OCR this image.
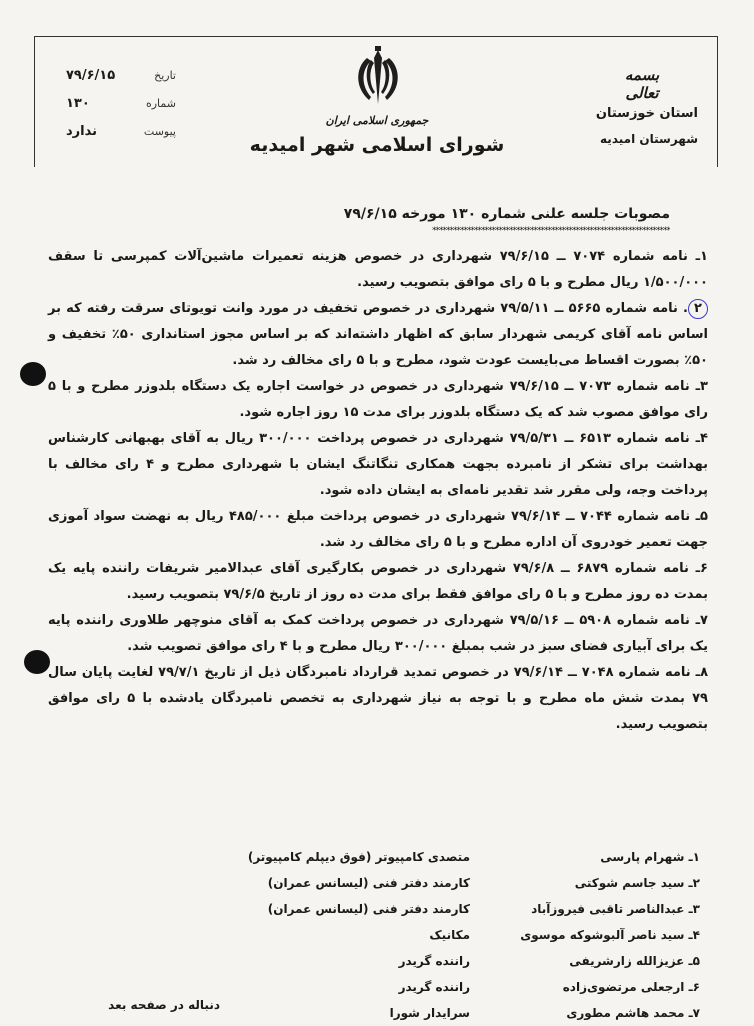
تاریخ
۷۹/۶/۱۵
شماره
۱۳۰
پیوست
ندارد
جمهوری اسلامی ایران
شورای اسلامی شهر امیدیه
بسمه تعالی
استان خوزستان
شهرستان امیدیه
مصوبات جلسه علنی شماره ۱۳۰ مورخه ۷۹/۶/۱۵
********************************************************************

۱ـ نامه شماره ۷۰۷۴ ــ ۷۹/۶/۱۵ شهرداری در خصوص هزینه تعمیرات ماشین‌آلات کمپرسی تا سقف ۱/۵۰۰/۰۰۰ ریال مطرح و با ۵ رای موافق بتصویب رسید.

۲. نامه شماره ۵۶۶۵ ــ ۷۹/۵/۱۱ شهرداری در خصوص تخفیف در مورد وانت تویوتای سرقت رفته که بر اساس نامه آقای کریمی شهردار سابق که اظهار داشته‌اند که بر اساس مجوز استانداری ۵۰٪ تخفیف و ۵۰٪ بصورت اقساط می‌بایست عودت شود، مطرح و با ۵ رای مخالف رد شد.

۳ـ نامه شماره ۷۰۷۳ ــ ۷۹/۶/۱۵ شهرداری در خصوص در خواست اجاره یک دستگاه بلدوزر مطرح و با ۵ رای موافق مصوب شد که یک دستگاه بلدوزر برای مدت ۱۵ روز اجاره شود.

۴ـ نامه شماره ۶۵۱۳ ــ ۷۹/۵/۳۱ شهرداری در خصوص پرداخت ۳۰۰/۰۰۰ ریال به آقای بهبهانی کارشناس بهداشت برای تشکر از نامبرده بجهت همکاری تنگاتنگ ایشان با شهرداری مطرح و ۴ رای مخالف با پرداخت وجه، ولی مقرر شد تقدیر نامه‌ای به ایشان داده شود.

۵ـ نامه شماره ۷۰۴۴ ــ ۷۹/۶/۱۴ شهرداری در خصوص پرداخت مبلغ ۴۸۵/۰۰۰ ریال به نهضت سواد آموزی جهت تعمیر خودروی آن اداره مطرح و با ۵ رای مخالف رد شد.

۶ـ نامه شماره ۶۸۷۹ ــ ۷۹/۶/۸ شهرداری در خصوص بکارگیری آقای عبدالامیر شریفات راننده پایه یک بمدت ده روز مطرح و با ۵ رای موافق فقط برای مدت ده روز از تاریخ ۷۹/۶/۵ بتصویب رسید.

۷ـ نامه شماره ۵۹۰۸ ــ ۷۹/۵/۱۶ شهرداری در خصوص پرداخت کمک به آقای منوچهر طلاوری راننده پایه یک برای آبیاری فضای سبز در شب بمبلغ ۳۰۰/۰۰۰ ریال مطرح و با ۴ رای موافق تصویب شد.

۸ـ نامه شماره ۷۰۴۸ ــ ۷۹/۶/۱۴ در خصوص تمدید قرارداد نامبردگان ذیل از تاریخ ۷۹/۷/۱ لغایت پایان سال ۷۹ بمدت شش ماه مطرح و با توجه به نیاز شهرداری به تخصص نامبردگان یادشده با ۵ رای موافق بتصویب رسید.

۱ـ شهرام پارسی
متصدی کامپیوتر (فوق دیپلم کامپیوتر)
۲ـ سید جاسم شوکتی
کارمند دفتر فنی (لیسانس عمران)
۳ـ عبدالناصر تاقبی فیروزآباد
کارمند دفتر فنی (لیسانس عمران)
۴ـ سید ناصر آلبوشوکه موسوی
مکانیک
۵ـ عزیزالله زارشریفی
راننده گریدر
۶ـ ارجعلی مرتضوی‌زاده
راننده گریدر
۷ـ محمد هاشم مطوری
سرایدار شورا
دنباله در صفحه بعد
